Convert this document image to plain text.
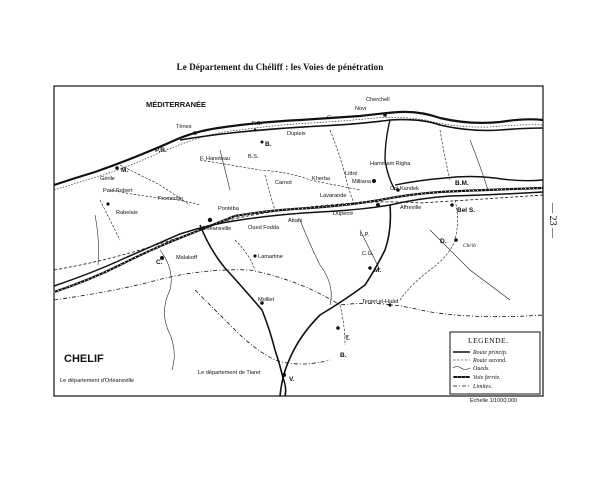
Le Département du Chéliff : les Voies de pénétration
— 23 —
LEGENDE.
Route princip.
Route second.
Oueds.
Voie ferrée.
Limites.
MÉDITERRANÉE
CHELIF
Le département d'Orléansville
Le département de Tiaret
Tènes	F.G.
Dupleix
G.
Novi
Cherchell
M.
P.R.
B.
F. Hanoteau	B.S.
Hammam Righa
Carnot
Kherba
Littré
Milliana
Col Kandek
B.M.
Gérile
Paul Robert
Fromentin
Rabelais
Pontéba
Lavarande
Affreville	Bel S.
Attafs
Duperré
Orléansville	Oued Fodda
L.P.
C.
Malakoff	Lamartine	C.G.
M.
D.
Chrib
Teniet-el-Haâd
Molliet
T.
B.
V.
Echelle 1/1000.000
